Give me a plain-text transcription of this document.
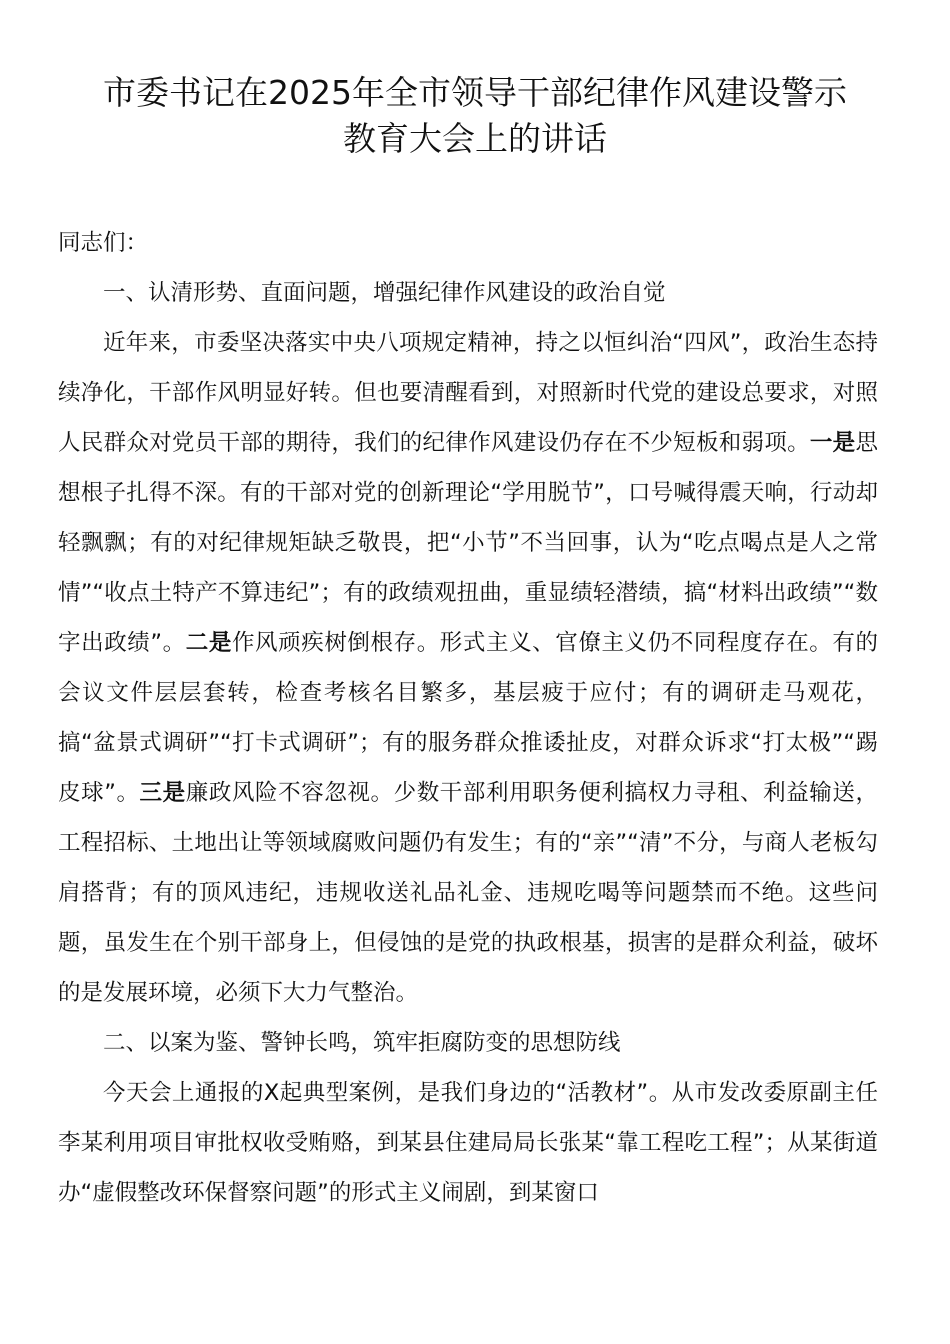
市委书记在2025年全市领导干部纪律作风建设警示
教育大会上的讲话

同志们：

一、认清形势、直面问题，增强纪律作风建设的政治自觉

近年来，市委坚决落实中央八项规定精神，持之以恒纠治“四风”，政治生态持续净化，干部作风明显好转。但也要清醒看到，对照新时代党的建设总要求，对照人民群众对党员干部的期待，我们的纪律作风建设仍存在不少短板和弱项。一是思想根子扎得不深。有的干部对党的创新理论“学用脱节”，口号喊得震天响，行动却轻飘飘；有的对纪律规矩缺乏敬畏，把“小节”不当回事，认为“吃点喝点是人之常情”“收点土特产不算违纪”；有的政绩观扭曲，重显绩轻潜绩，搞“材料出政绩”“数字出政绩”。二是作风顽疾树倒根存。形式主义、官僚主义仍不同程度存在。有的会议文件层层套转，检查考核名目繁多，基层疲于应付；有的调研走马观花，搞“盆景式调研”“打卡式调研”；有的服务群众推诿扯皮，对群众诉求“打太极”“踢皮球”。三是廉政风险不容忽视。少数干部利用职务便利搞权力寻租、利益输送，工程招标、土地出让等领域腐败问题仍有发生；有的“亲”“清”不分，与商人老板勾肩搭背；有的顶风违纪，违规收送礼品礼金、违规吃喝等问题禁而不绝。这些问题，虽发生在个别干部身上，但侵蚀的是党的执政根基，损害的是群众利益，破坏的是发展环境，必须下大力气整治。

二、以案为鉴、警钟长鸣，筑牢拒腐防变的思想防线

今天会上通报的X起典型案例，是我们身边的“活教材”。从市发改委原副主任李某利用项目审批权收受贿赂，到某县住建局局长张某“靠工程吃工程”；从某街道办“虚假整改环保督察问题”的形式主义闹剧，到某窗口
